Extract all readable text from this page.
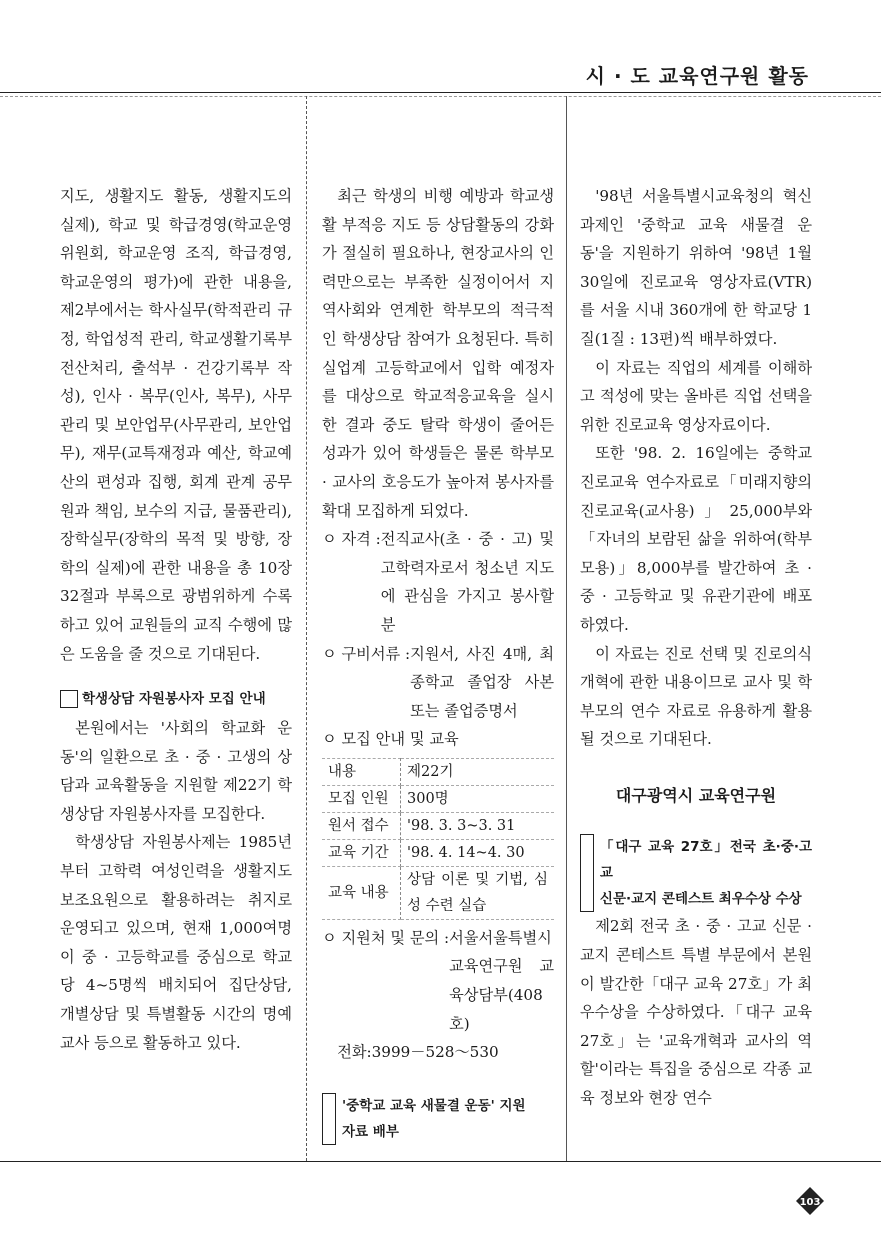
시 · 도 교육연구원 활동

지도, 생활지도 활동, 생활지도의 실제), 학교 및 학급경영(학교운영위원회, 학교운영 조직, 학급경영, 학교운영의 평가)에 관한 내용을, 제2부에서는 학사실무(학적관리 규정, 학업성적 관리, 학교생활기록부 전산처리, 출석부 · 건강기록부 작성), 인사 · 복무(인사, 복무), 사무관리 및 보안업무(사무관리, 보안업무), 재무(교특재정과 예산, 학교예산의 편성과 집행, 회계 관계 공무원과 책임, 보수의 지급, 물품관리), 장학실무(장학의 목적 및 방향, 장학의 실제)에 관한 내용을 총 10장 32절과 부록으로 광범위하게 수록하고 있어 교원들의 교직 수행에 많은 도움을 줄 것으로 기대된다.

학생상담 자원봉사자 모집 안내

본원에서는 '사회의 학교화 운동'의 일환으로 초 · 중 · 고생의 상담과 교육활동을 지원할 제22기 학생상담 자원봉사자를 모집한다.

학생상담 자원봉사제는 1985년부터 고학력 여성인력을 생활지도 보조요원으로 활용하려는 취지로 운영되고 있으며, 현재 1,000여명이 중 · 고등학교를 중심으로 학교당 4~5명씩 배치되어 집단상담, 개별상담 및 특별활동 시간의 명예교사 등으로 활동하고 있다.

최근 학생의 비행 예방과 학교생활 부적응 지도 등 상담활동의 강화가 절실히 필요하나, 현장교사의 인력만으로는 부족한 실정이어서 지역사회와 연계한 학부모의 적극적인 학생상담 참여가 요청된다. 특히 실업계 고등학교에서 입학 예정자를 대상으로 학교적응교육을 실시한 결과 중도 탈락 학생이 줄어든 성과가 있어 학생들은 물론 학부모 · 교사의 호응도가 높아져 봉사자를 확대 모집하게 되었다.

ㅇ 자격 : 전직교사(초 · 중 · 고) 및 고학력자로서 청소년 지도에 관심을 가지고 봉사할 분
ㅇ 구비서류 : 지원서, 사진 4매, 최종학교 졸업장 사본 또는 졸업증명서
ㅇ 모집 안내 및 교육
내용	제22기
모집 인원	300명
원서 접수	'98. 3. 3~3. 31
교육 기간	'98. 4. 14~4. 30
교육 내용	상담 이론 및 기법, 심성 수련 실습
ㅇ 지원처 및 문의 : 서울서울특별시교육연구원 교육상담부(408호)
전화:3999－528～530
'중학교 교육 새물결 운동' 지원
자료 배부

'98년 서울특별시교육청의 혁신 과제인 '중학교 교육 새물결 운동'을 지원하기 위하여 '98년 1월 30일에 진로교육 영상자료(VTR)를 서울 시내 360개에 한 학교당 1질(1질 : 13편)씩 배부하였다.

이 자료는 직업의 세계를 이해하고 적성에 맞는 올바른 직업 선택을 위한 진로교육 영상자료이다.

또한 '98. 2. 16일에는 중학교 진로교육 연수자료로「미래지향의 진로교육(교사용)」25,000부와「자녀의 보람된 삶을 위하여(학부모용)」8,000부를 발간하여 초 · 중 · 고등학교 및 유관기관에 배포하였다.

이 자료는 진로 선택 및 진로의식 개혁에 관한 내용이므로 교사 및 학부모의 연수 자료로 유용하게 활용될 것으로 기대된다.

대구광역시 교육연구원
「대구 교육 27호」전국 초·중·고교
신문·교지 콘테스트 최우수상 수상

제2회 전국 초 · 중 · 고교 신문 · 교지 콘테스트 특별 부문에서 본원이 발간한「대구 교육 27호」가 최우수상을 수상하였다.「대구 교육 27호」는 '교육개혁과 교사의 역할'이라는 특집을 중심으로 각종 교육 정보와 현장 연수

103
